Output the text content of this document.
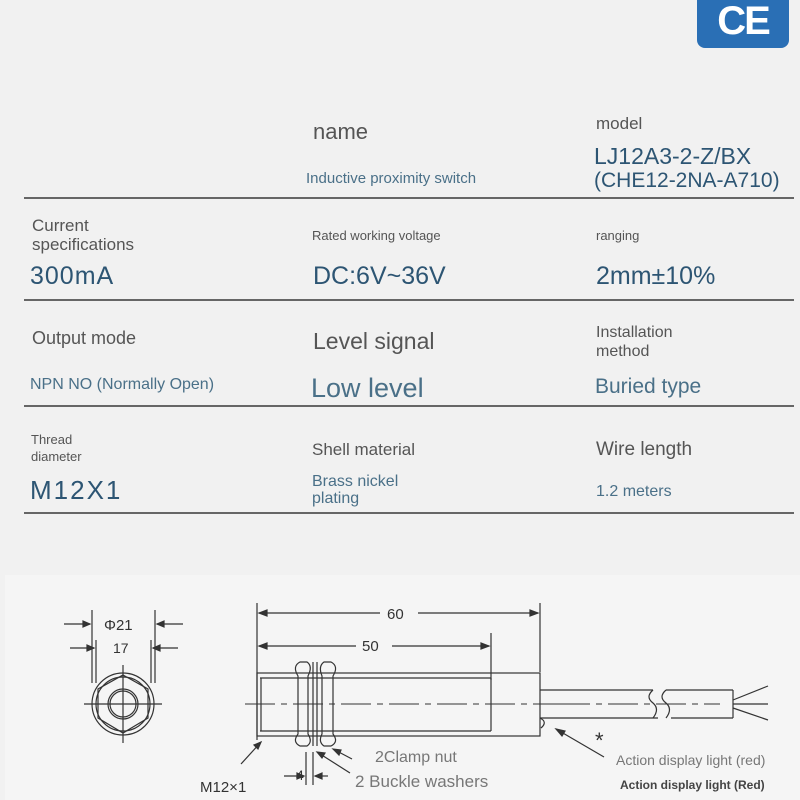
CE
name
Inductive proximity switch
model
LJ12A3-2-Z/BX
(CHE12-2NA-A710)
Current
specifications
300mA
Rated working voltage
DC:6V~36V
ranging
2mm±10%
Output mode
NPN NO (Normally Open)
Level signal
Low level
Installation
method
Buried type
Thread
diameter
M12X1
Shell material
Brass nickel
plating
Wire length
1.2 meters
Φ21
17
60
50
4
M12×1
*
2Clamp nut
2 Buckle washers
Action display light (red)
Action display light (Red)
